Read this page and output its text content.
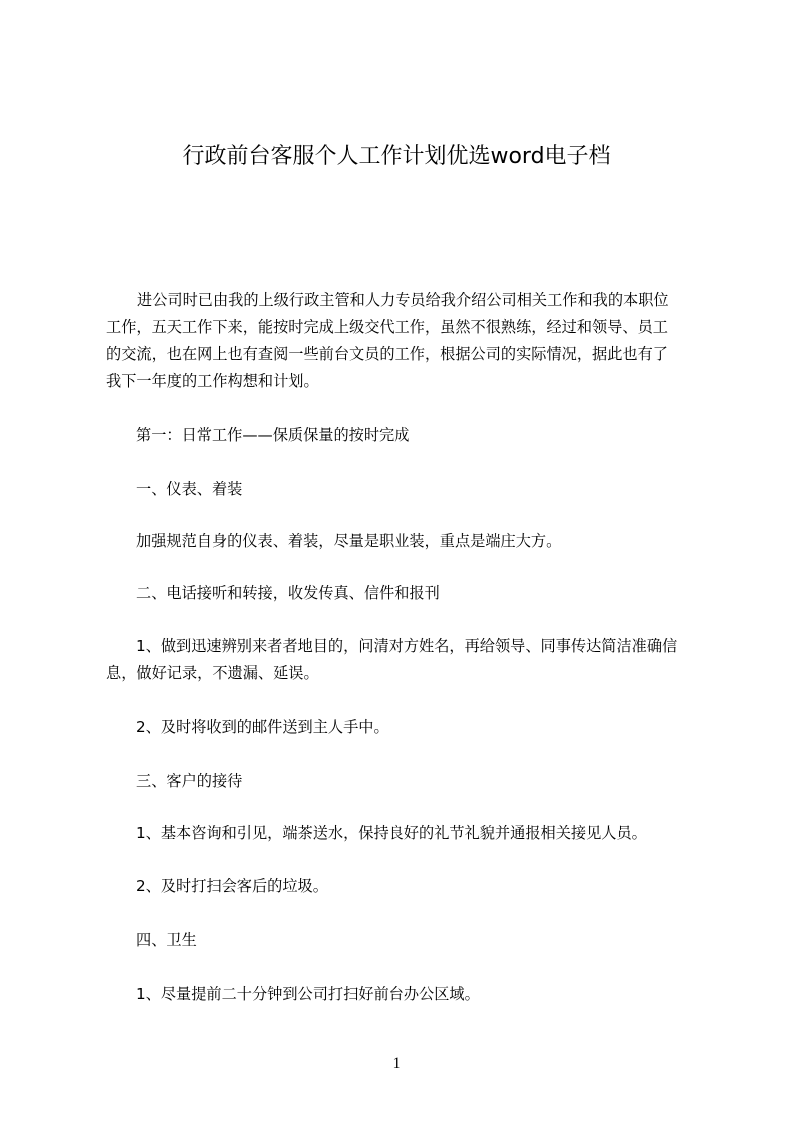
行政前台客服个人工作计划优选word电子档
进公司时已由我的上级行政主管和人力专员给我介绍公司相关工作和我的本职位
工作，五天工作下来，能按时完成上级交代工作，虽然不很熟练，经过和领导、员工
的交流，也在网上也有查阅一些前台文员的工作，根据公司的实际情况，据此也有了
我下一年度的工作构想和计划。
第一：日常工作——保质保量的按时完成
一、仪表、着装
加强规范自身的仪表、着装，尽量是职业装，重点是端庄大方。
二、电话接听和转接，收发传真、信件和报刊
1、做到迅速辨别来者者地目的，问清对方姓名，再给领导、同事传达简洁准确信
息，做好记录，不遗漏、延误。
2、及时将收到的邮件送到主人手中。
三、客户的接待
1、基本咨询和引见，端茶送水，保持良好的礼节礼貌并通报相关接见人员。
2、及时打扫会客后的垃圾。
四、卫生
1、尽量提前二十分钟到公司打扫好前台办公区域。
1
